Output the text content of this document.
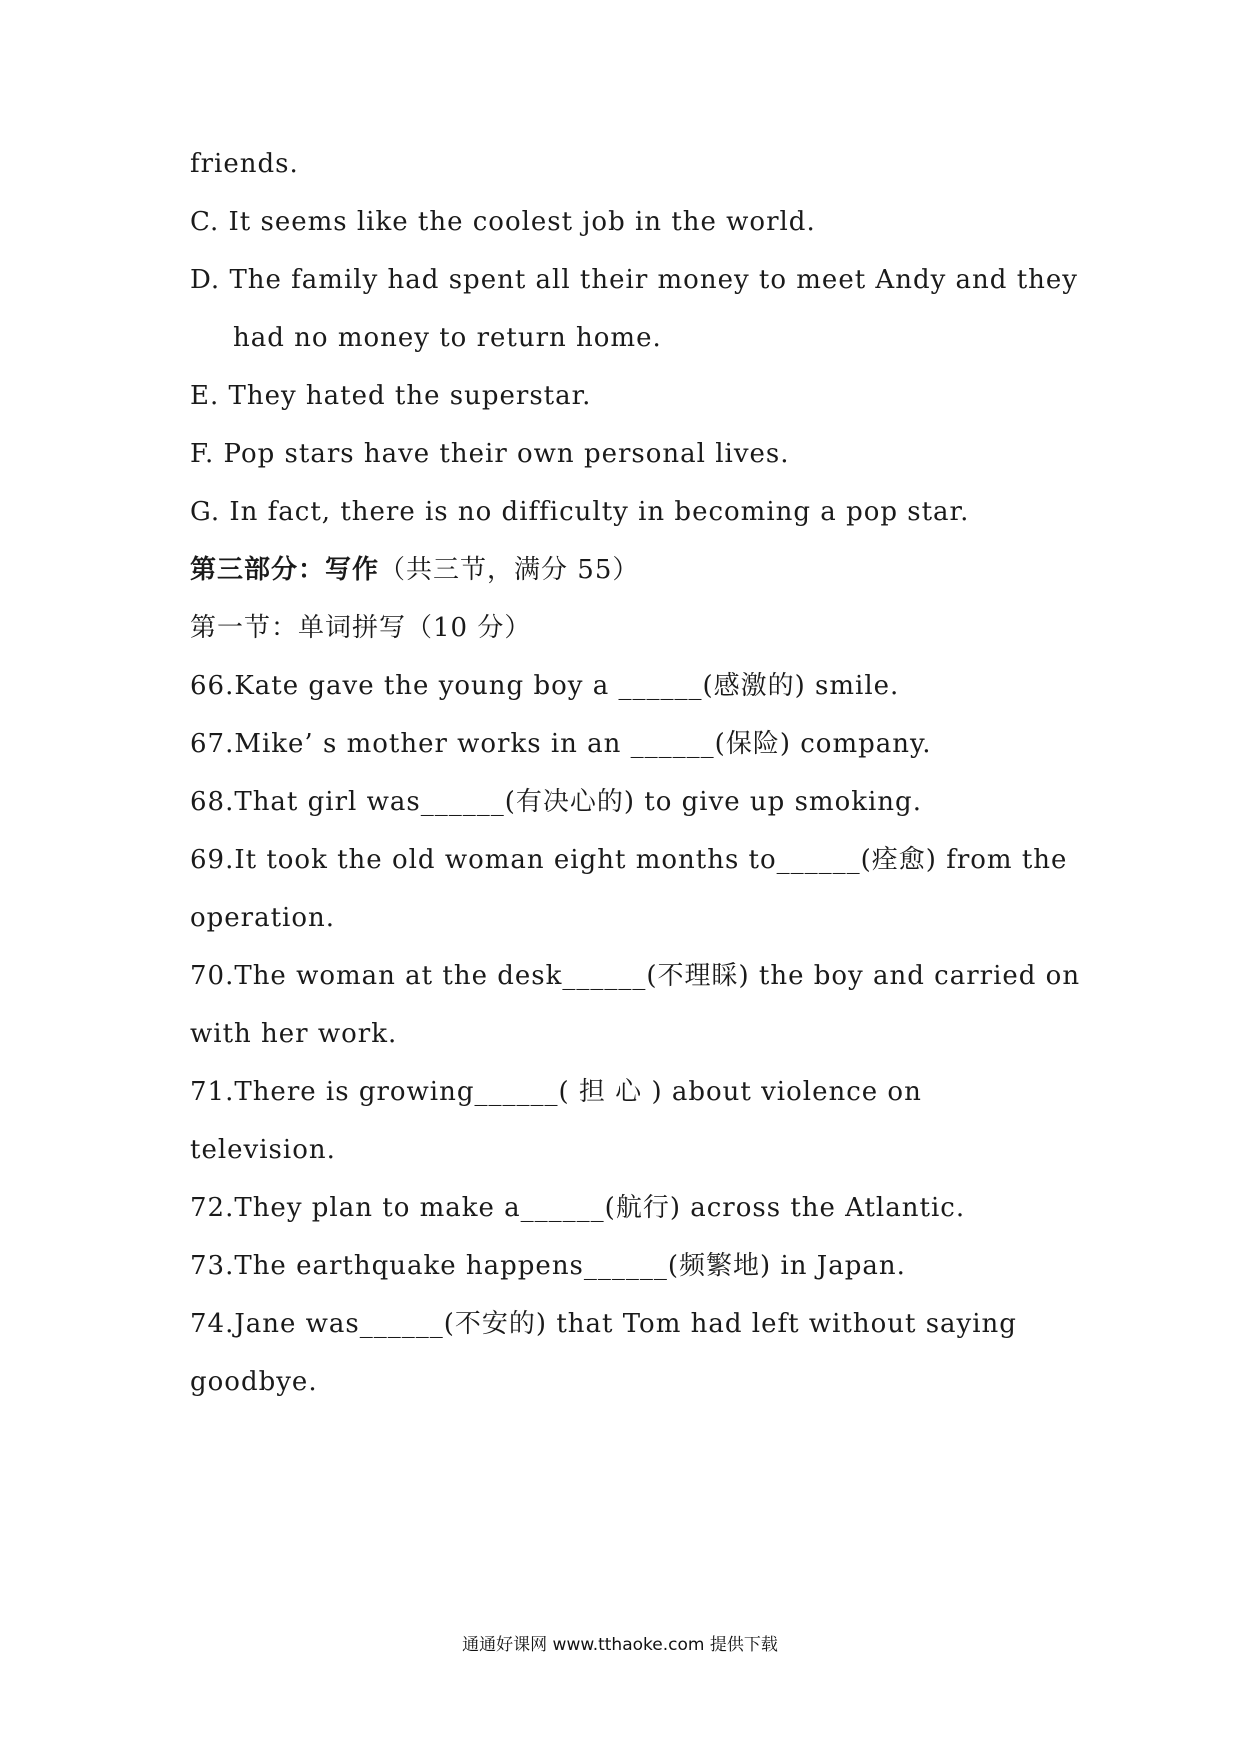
friends.
C. It seems like the coolest job in the world.
D. The family had spent all their money to meet Andy and they
had no money to return home.
E. They hated the superstar.
F. Pop stars have their own personal lives.
G. In fact, there is no difficulty in becoming a pop star.
第三部分：写作（共三节，满分 55）
第一节：单词拼写（10 分）
66.Kate gave the young boy a ______(感激的) smile.
67.Mike’ s mother works in an ______(保险) company.
68.That girl was______(有决心的) to give up smoking.
69.It took the old woman eight months to______(痊愈) from the
operation.
70.The woman at the desk______(不理睬) the boy and carried on
with her work.
71.There is growing______( 担 心 ) about violence on
television.
72.They plan to make a______(航行) across the Atlantic.
73.The earthquake happens______(频繁地) in Japan.
74.Jane was______(不安的) that Tom had left without saying
goodbye.
通通好课网 www.tthaoke.com 提供下载
